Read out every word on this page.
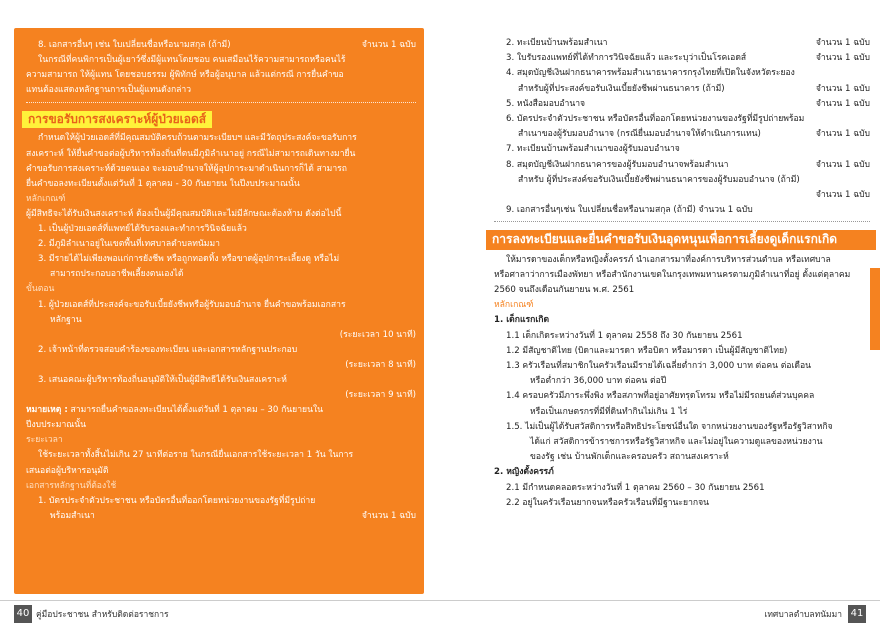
8. เอกสารอื่นๆ เช่น ใบเปลี่ยนชื่อหรือนามสกุล (ถ้ามี)	จำนวน 1 ฉบับ
ในกรณีที่คนพิการเป็นผู้เยาว์ซึ่งมีผู้แทนโดยชอบ คนเสมือนไร้ความสามารถหรือคนไร้
ความสามารถ ให้ผู้แทน โดยชอบธรรม ผู้พิทักษ์ หรือผู้อนุบาล แล้วแต่กรณี การยื่นคำขอ
แทนต้องแสดงหลักฐานการเป็นผู้แทนดังกล่าว
การขอรับการสงเคราะห์ผู้ป่วยเอดส์
กำหนดให้ผู้ป่วยเอดส์ที่มีคุณสมบัติครบถ้วนตามระเบียบฯ และมีวัตถุประสงค์จะขอรับการ
สงเคราะห์ ให้ยื่นคำขอต่อผู้บริหารท้องถิ่นที่ตนมีภูมิลำเนาอยู่ กรณีไม่สามารถเดินทางมายื่น
คำขอรับการสงเคราะห์ด้วยตนเอง จะมอบอำนาจให้ผู้อุปการะมาดำเนินการก็ได้ สามารถ
ยื่นคำขอลงทะเบียนตั้งแต่วันที่ 1 ตุลาคม - 30 กันยายน ในปีงบประมาณนั้น
หลักเกณฑ์
ผู้มีสิทธิจะได้รับเงินสงเคราะห์ ต้องเป็นผู้มีคุณสมบัติและไม่มีลักษณะต้องห้าม ดังต่อไปนี้
1. เป็นผู้ป่วยเอดส์ที่แพทย์ได้รับรองและทำการวินิจฉัยแล้ว
2. มีภูมิลำเนาอยู่ในเขตพื้นที่เทศบาลตำบลทนัมมา
3. มีรายได้ไม่เพียงพอแก่การยังชีพ หรือถูกทอดทิ้ง หรือขาดผู้อุปการะเลี้ยงดู หรือไม่
สามารถประกอบอาชีพเลี้ยงตนเองได้
ขั้นตอน
1. ผู้ป่วยเอดส์ที่ประสงค์จะขอรับเบี้ยยังชีพหรือผู้รับมอบอำนาจ ยื่นคำขอพร้อมเอกสาร
หลักฐาน
(ระยะเวลา 10 นาที)
2. เจ้าหน้าที่ตรวจสอบคำร้องของทะเบียน และเอกสารหลักฐานประกอบ
(ระยะเวลา 8 นาที)
3. เสนอคณะผู้บริหารท้องถิ่นอนุมัติให้เป็นผู้มีสิทธิได้รับเงินสงเคราะห์
(ระยะเวลา 9 นาที)
หมายเหตุ : สามารถยื่นคำขอลงทะเบียนได้ตั้งแต่วันที่ 1 ตุลาคม – 30 กันยายนใน
ปีงบประมาณนั้น
ระยะเวลา
ใช้ระยะเวลาทั้งสิ้นไม่เกิน 27 นาทีต่อราย ในกรณียื่นเอกสารใช้ระยะเวลา 1 วัน ในการ
เสนอต่อผู้บริหารอนุมัติ
เอกสารหลักฐานที่ต้องใช้
1. บัตรประจำตัวประชาชน หรือบัตรอื่นที่ออกโดยหน่วยงานของรัฐที่มีรูปถ่าย
พร้อมสำเนา	จำนวน 1 ฉบับ
2. ทะเบียนบ้านพร้อมสำเนา	จำนวน 1 ฉบับ
3. ใบรับรองแพทย์ที่ได้ทำการวินิจฉัยแล้ว และระบุว่าเป็นโรคเอดส์	จำนวน 1 ฉบับ
4. สมุดบัญชีเงินฝากธนาคารพร้อมสำเนาธนาคารกรุงไทยที่เปิดในจังหวัดระยอง
สำหรับผู้ที่ประสงค์ขอรับเงินเบี้ยยังชีพผ่านธนาคาร (ถ้ามี)	จำนวน 1 ฉบับ
5. หนังสือมอบอำนาจ	จำนวน 1 ฉบับ
6. บัตรประจำตัวประชาชน หรือบัตรอื่นที่ออกโดยหน่วยงานของรัฐที่มีรูปถ่ายพร้อม
สำเนาของผู้รับมอบอำนาจ (กรณียื่นมอบอำนาจให้ดำเนินการแทน)	จำนวน 1 ฉบับ
7. ทะเบียนบ้านพร้อมสำเนาของผู้รับมอบอำนาจ
8. สมุดบัญชีเงินฝากธนาคารของผู้รับมอบอำนาจพร้อมสำเนา	จำนวน 1 ฉบับ
สำหรับ ผู้ที่ประสงค์ขอรับเงินเบี้ยยังชีพผ่านธนาคารของผู้รับมอบอำนาจ (ถ้ามี)
จำนวน 1 ฉบับ
9. เอกสารอื่นๆเช่น ใบเปลี่ยนชื่อหรือนามสกุล (ถ้ามี) จำนวน 1 ฉบับ
การลงทะเบียนและยื่นคำขอรับเงินอุดหนุนเพื่อการเลี้ยงดูเด็กแรกเกิด
ให้มารดาของเด็กหรือหญิงตั้งครรภ์ นำเอกสารมาที่องค์การบริหารส่วนตำบล หรือเทศบาล
หรือศาลาว่าการเมืองพัทยา หรือสำนักงานเขตในกรุงเทพมหานครตามภูมิลำเนาที่อยู่ ตั้งแต่ตุลาคม
2560 จนถึงเดือนกันยายน พ.ศ. 2561
หลักเกณฑ์
1. เด็กแรกเกิด
1.1 เด็กเกิดระหว่างวันที่ 1 ตุลาคม 2558 ถึง 30 กันยายน 2561
1.2 มีสัญชาติไทย (บิดาและมารดา หรือบิดา หรือมารดา เป็นผู้มีสัญชาติไทย)
1.3 ครัวเรือนที่สมาชิกในครัวเรือนมีรายได้เฉลี่ยต่ำกว่า 3,000 บาท ต่อคน ต่อเดือน
หรือต่ำกว่า 36,000 บาท ต่อคน ต่อปี
1.4 ครอบครัวมีภาระพึ่งพิง หรือสภาพที่อยู่อาศัยทรุดโทรม หรือไม่มีรถยนต์ส่วนบุคคล
หรือเป็นเกษตรกรที่มีที่ดินทำกินไม่เกิน 1 ไร่
1.5. ไม่เป็นผู้ได้รับสวัสดิการหรือสิทธิประโยชน์อื่นใด จากหน่วยงานของรัฐหรือรัฐวิสาหกิจ
ได้แก่ สวัสดิการข้าราชการหรือรัฐวิสาหกิจ และไม่อยู่ในความดูแลของหน่วยงาน
ของรัฐ เช่น บ้านพักเด็กและครอบครัว สถานสงเคราะห์
2. หญิงตั้งครรภ์
2.1 มีกำหนดคลอดระหว่างวันที่ 1 ตุลาคม 2560 – 30 กันยายน 2561
2.2 อยู่ในครัวเรือนยากจนหรือครัวเรือนที่มีฐานะยากจน
40 คู่มือประชาชน สำหรับติดต่อราชการ	เทศบาลตำบลทนัมมา 41
